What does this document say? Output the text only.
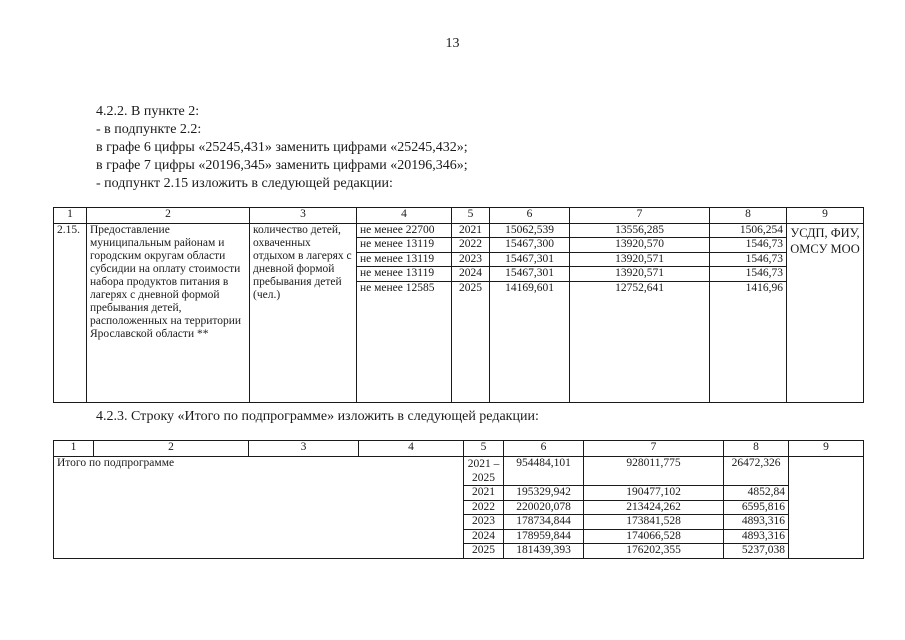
13
4.2.2. В пункте 2:
- в подпункте 2.2:
в графе 6 цифры «25245,431» заменить цифрами «25245,432»;
в графе 7 цифры «20196,345» заменить цифрами «20196,346»;
- подпункт 2.15 изложить в следующей редакции:
1	2	3	4	5	6	7	8	9
2.15.	Предоставление муниципальным районам и городским округам области субсидии на оплату стоимости набора продуктов питания в лагерях с дневной формой пребывания детей, расположенных на территории Ярославской области **	количество детей, охваченных отдыхом в лагерях с дневной формой пребывания детей (чел.)	не менее 22700	2021	15062,539	13556,285	1506,254	УСДП, ФИУ, ОМСУ МОО
			не менее 13119	2022	15467,300	13920,570	1546,73	
			не менее 13119	2023	15467,301	13920,571	1546,73	
			не менее 13119	2024	15467,301	13920,571	1546,73	
			не менее 12585	2025	14169,601	12752,641	1416,96	

4.2.3. Строку «Итого по подпрограмме» изложить в следующей редакции:
1	2	3	4	5	6	7	8	9
Итого по подпрограмме				2021 – 2025	954484,101	928011,775	26472,326	
				2021	195329,942	190477,102	4852,84	
				2022	220020,078	213424,262	6595,816	
				2023	178734,844	173841,528	4893,316	
				2024	178959,844	174066,528	4893,316	
				2025	181439,393	176202,355	5237,038	
